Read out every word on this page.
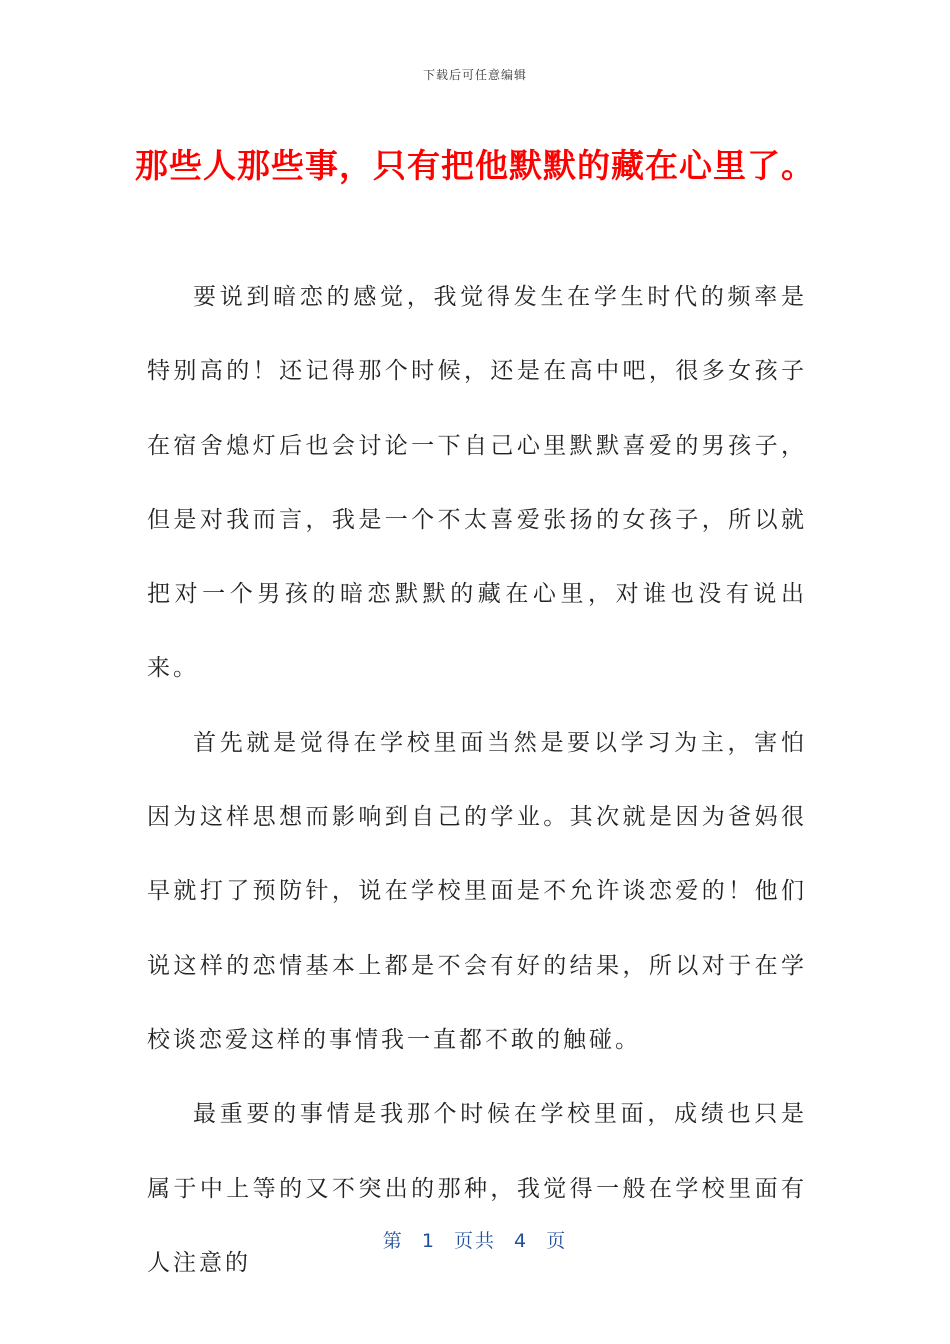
下载后可任意编辑
那些人那些事，只有把他默默的藏在心里了。

要说到暗恋的感觉，我觉得发生在学生时代的频率是特别高的！还记得那个时候，还是在高中吧，很多女孩子在宿舍熄灯后也会讨论一下自己心里默默喜爱的男孩子，但是对我而言，我是一个不太喜爱张扬的女孩子，所以就把对一个男孩的暗恋默默的藏在心里，对谁也没有说出来。

首先就是觉得在学校里面当然是要以学习为主，害怕因为这样思想而影响到自己的学业。其次就是因为爸妈很早就打了预防针，说在学校里面是不允许谈恋爱的！他们说这样的恋情基本上都是不会有好的结果，所以对于在学校谈恋爱这样的事情我一直都不敢的触碰。

最重要的事情是我那个时候在学校里面，成绩也只是属于中上等的又不突出的那种，我觉得一般在学校里面有人注意的

第 1 页共 4 页
